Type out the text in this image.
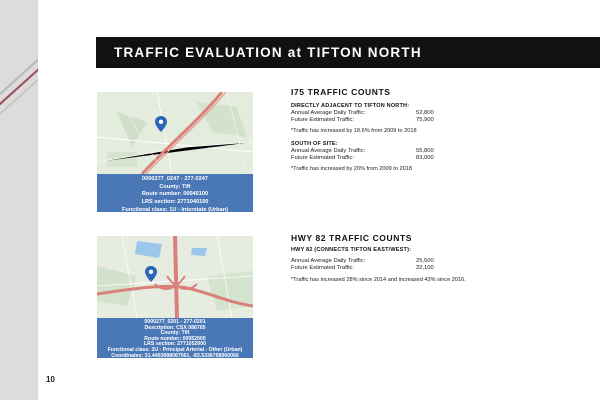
10
TRAFFIC EVALUATION at TIFTON NORTH
0000277_0247 - 277-0247
County: Tift
Route number: 00040100
LRS section: 2771040100
Functional class: 1U - Interstate (Urban)
Coordinates: 31.4717, -83.5263
0000277_0201 - 277-0201
Description: CSX 086705
County: Tift
Route number: 00052000
LRS section: 2771052000
Functional class: 3U - Principal Arterial - Other (Urban)
Coordinates: 31.4493888067061, -83.5336758060066
I75 TRAFFIC COUNTS
DIRECTLY ADJACENT TO TIFTON NORTH:
Annual Average Daily Traffic:	52,800
Future Estimated Traffic:	75,900
*Traffic has increased by 18.6% from 2009 to 2018
SOUTH OF SITE:
Annual Average Daily Traffic:	55,800
Future Estimated Traffic:	83,000
*Traffic has increased by 20% from 2009 to 2018
HWY 82 TRAFFIC COUNTS
HWY 82 (CONNECTS TIFTON EAST/WEST):
Annual Average Daily Traffic:	25,500
Future Estimated Traffic:	32,100
*Traffic has increased 28% since 2014 and increased 43% since 2016.
